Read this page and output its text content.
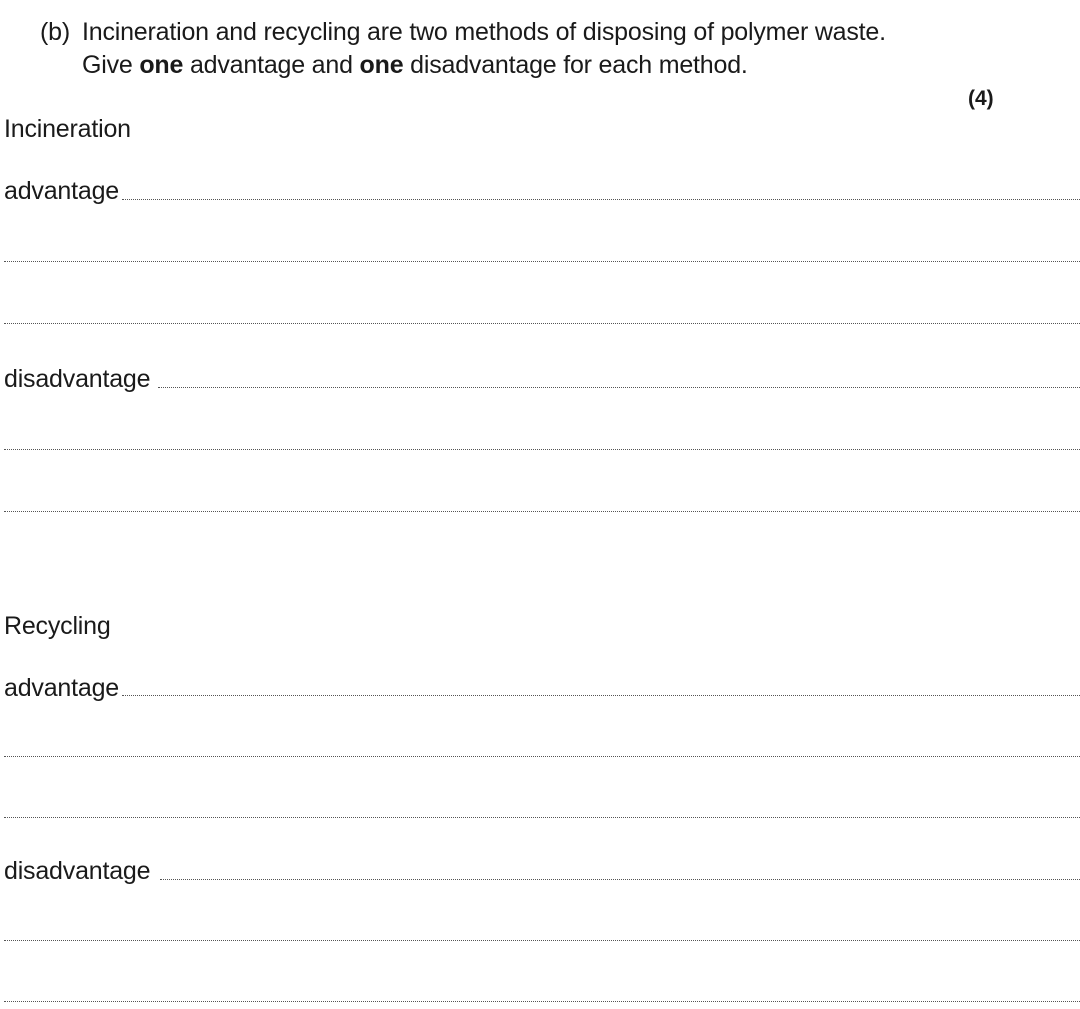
(b) Incineration and recycling are two methods of disposing of polymer waste.
Give one advantage and one disadvantage for each method.
(4)
Incineration
advantage
disadvantage
Recycling
advantage
disadvantage
